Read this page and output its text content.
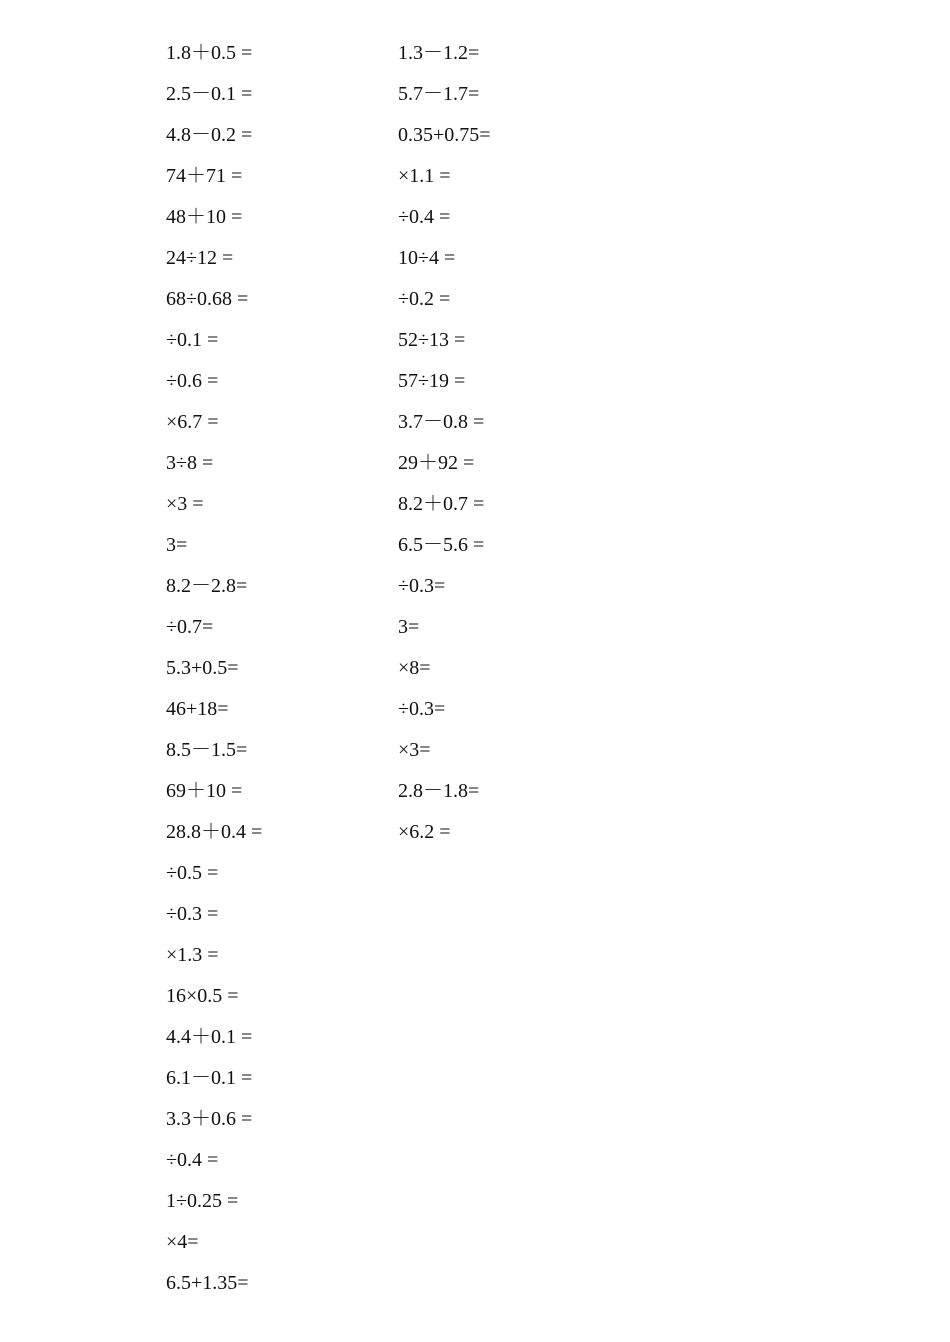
1.8＋0.5 =
2.5－0.1 =
4.8－0.2 =
74＋71 =
48＋10 =
24÷12 =
68÷0.68 =
÷0.1 =
÷0.6 =
×6.7 =
3÷8 =
×3 =
3=
8.2－2.8=
÷0.7=
5.3+0.5=
46+18=
8.5－1.5=
69＋10 =
28.8＋0.4 =
÷0.5 =
÷0.3 =
×1.3 =
16×0.5 =
4.4＋0.1 =
6.1－0.1 =
3.3＋0.6 =
÷0.4 =
1÷0.25 =
×4=
6.5+1.35=
1.3－1.2=
5.7－1.7=
0.35+0.75=
×1.1 =
÷0.4 =
10÷4 =
÷0.2 =
52÷13 =
57÷19 =
3.7－0.8 =
29＋92 =
8.2＋0.7 =
6.5－5.6 =
÷0.3=
3=
×8=
÷0.3=
×3=
2.8－1.8=
×6.2 =
